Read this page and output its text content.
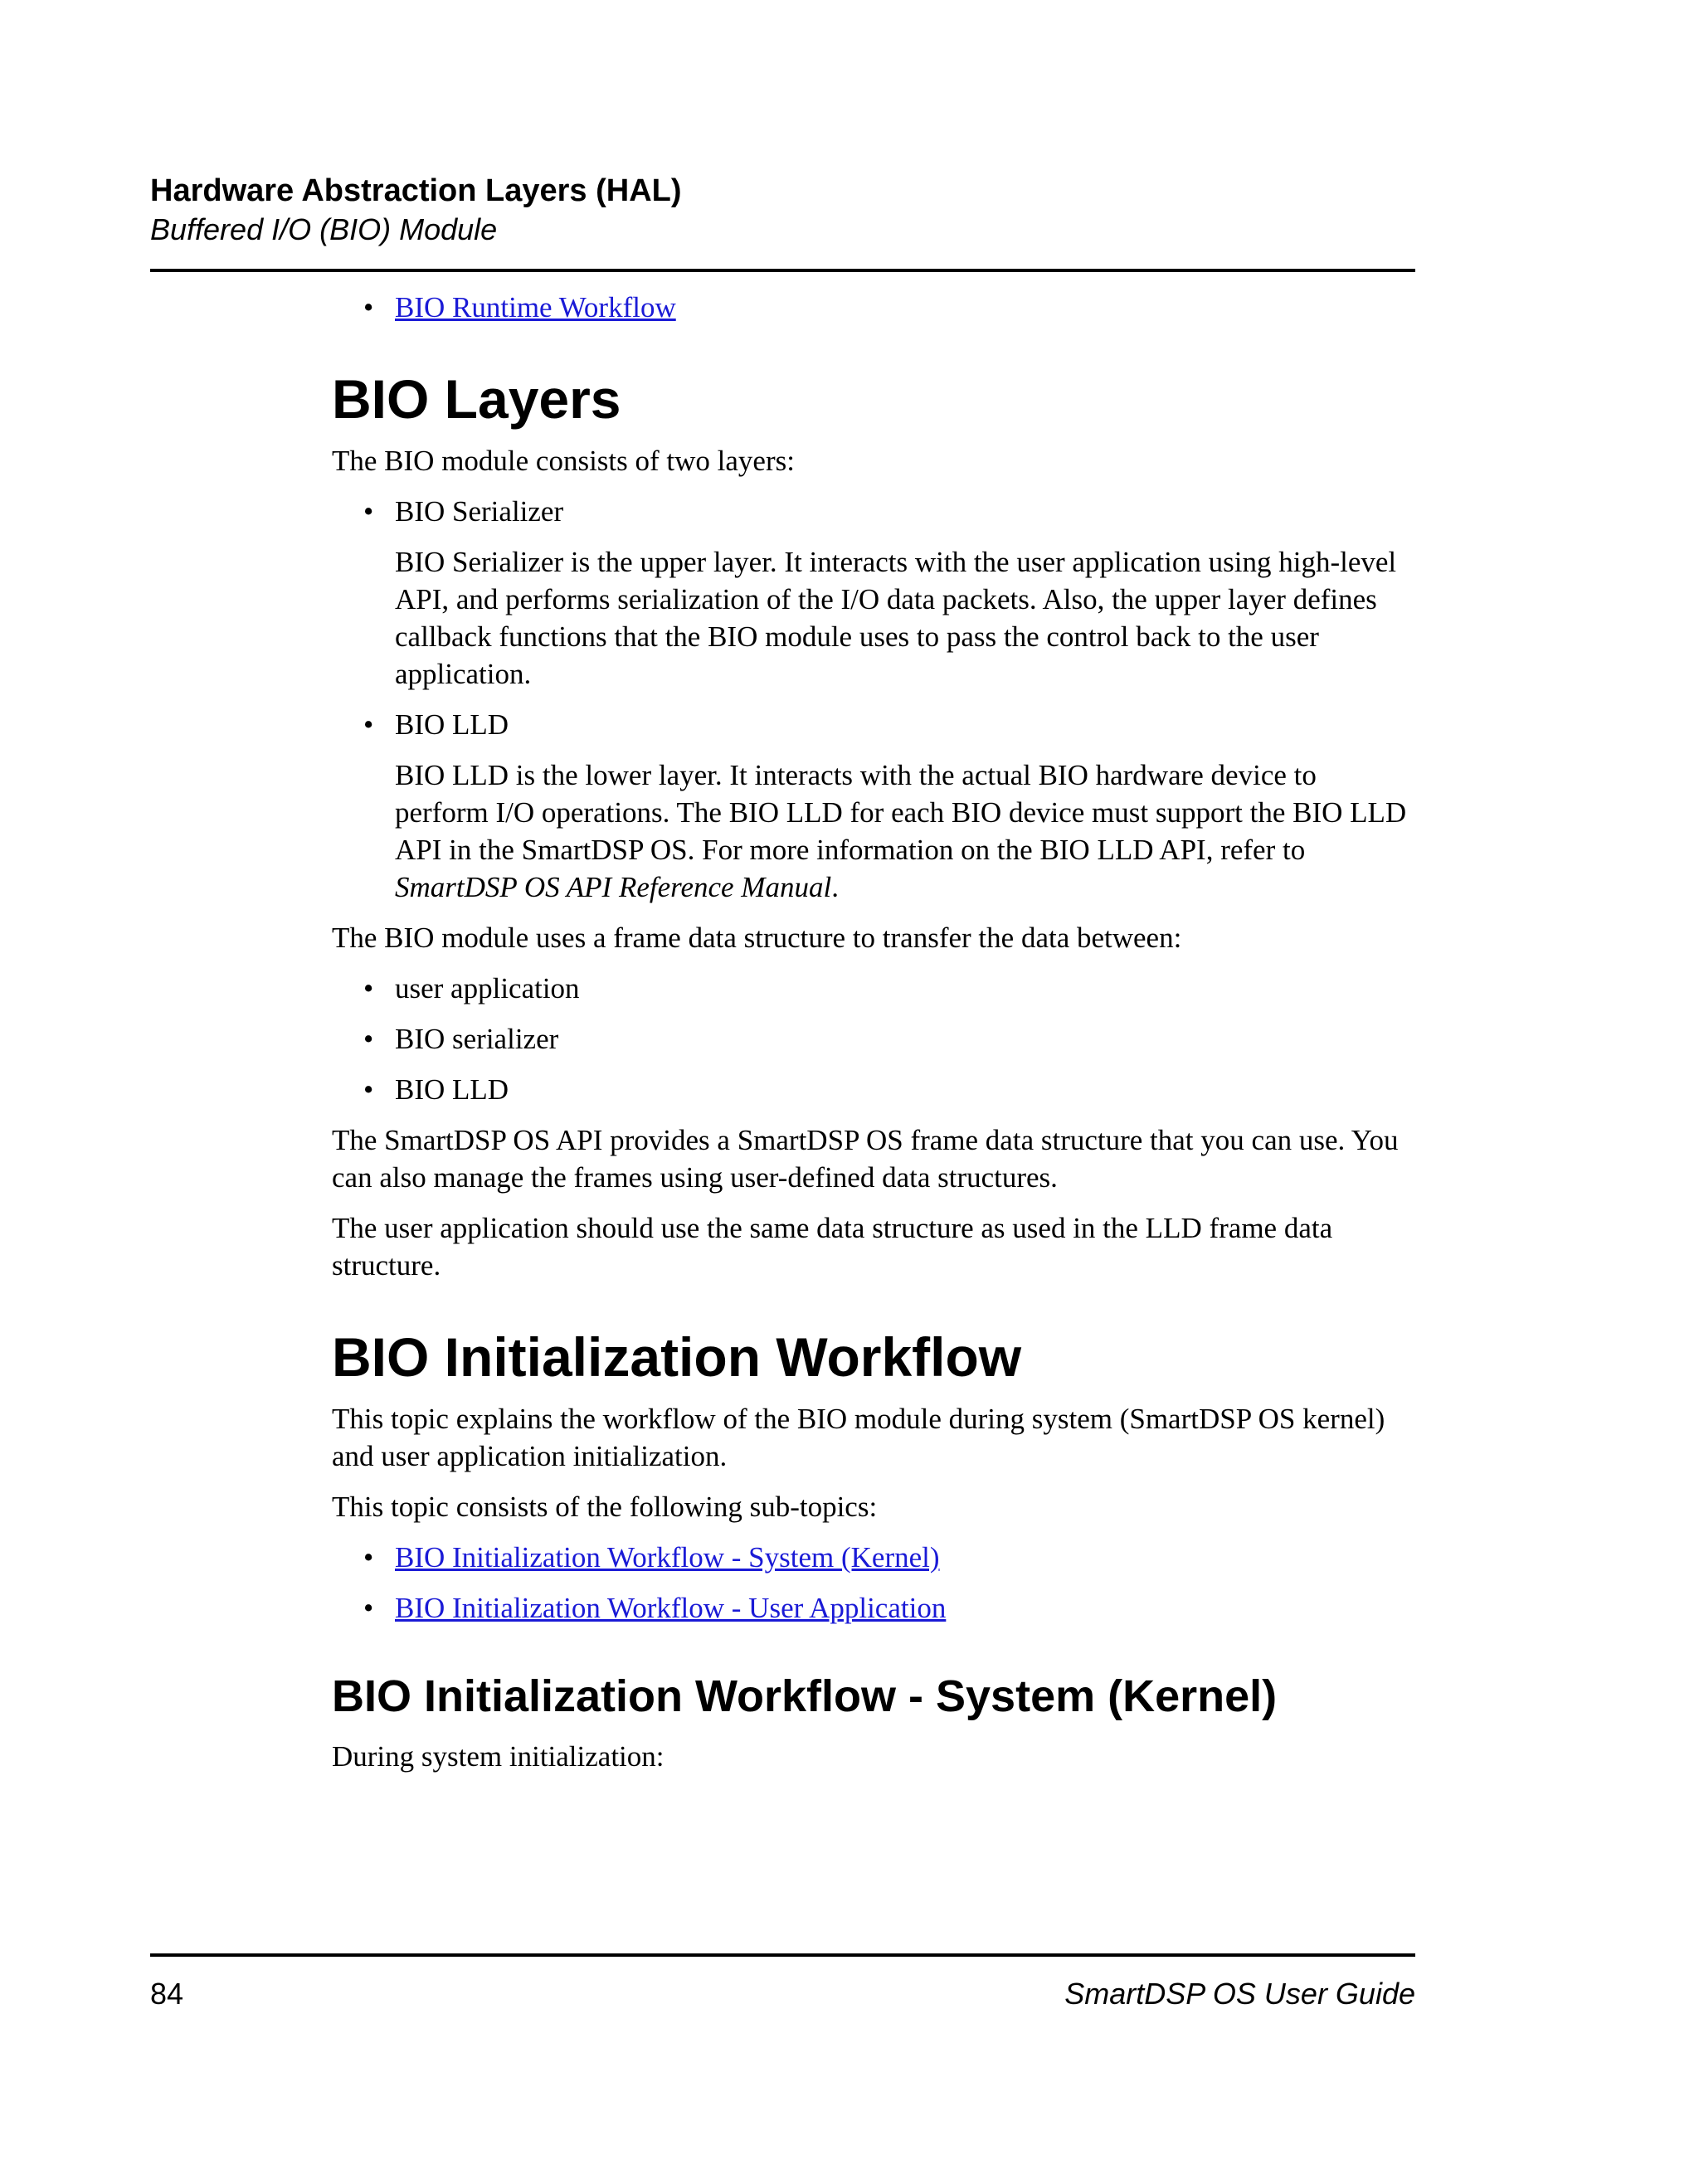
Hardware Abstraction Layers (HAL)
Buffered I/O (BIO) Module
• BIO Runtime Workflow
BIO Layers

The BIO module consists of two layers:

• BIO Serializer
BIO Serializer is the upper layer. It interacts with the user application using high-level API, and performs serialization of the I/O data packets. Also, the upper layer defines callback functions that the BIO module uses to pass the control back to the user application.
• BIO LLD
BIO LLD is the lower layer. It interacts with the actual BIO hardware device to perform I/O operations. The BIO LLD for each BIO device must support the BIO LLD API in the SmartDSP OS. For more information on the BIO LLD API, refer to SmartDSP OS API Reference Manual.

The BIO module uses a frame data structure to transfer the data between:

• user application
• BIO serializer
• BIO LLD

The SmartDSP OS API provides a SmartDSP OS frame data structure that you can use. You can also manage the frames using user-defined data structures.

The user application should use the same data structure as used in the LLD frame data structure.

BIO Initialization Workflow

This topic explains the workflow of the BIO module during system (SmartDSP OS kernel) and user application initialization.

This topic consists of the following sub-topics:

• BIO Initialization Workflow - System (Kernel)
• BIO Initialization Workflow - User Application
BIO Initialization Workflow - System (Kernel)

During system initialization:

84	SmartDSP OS User Guide
